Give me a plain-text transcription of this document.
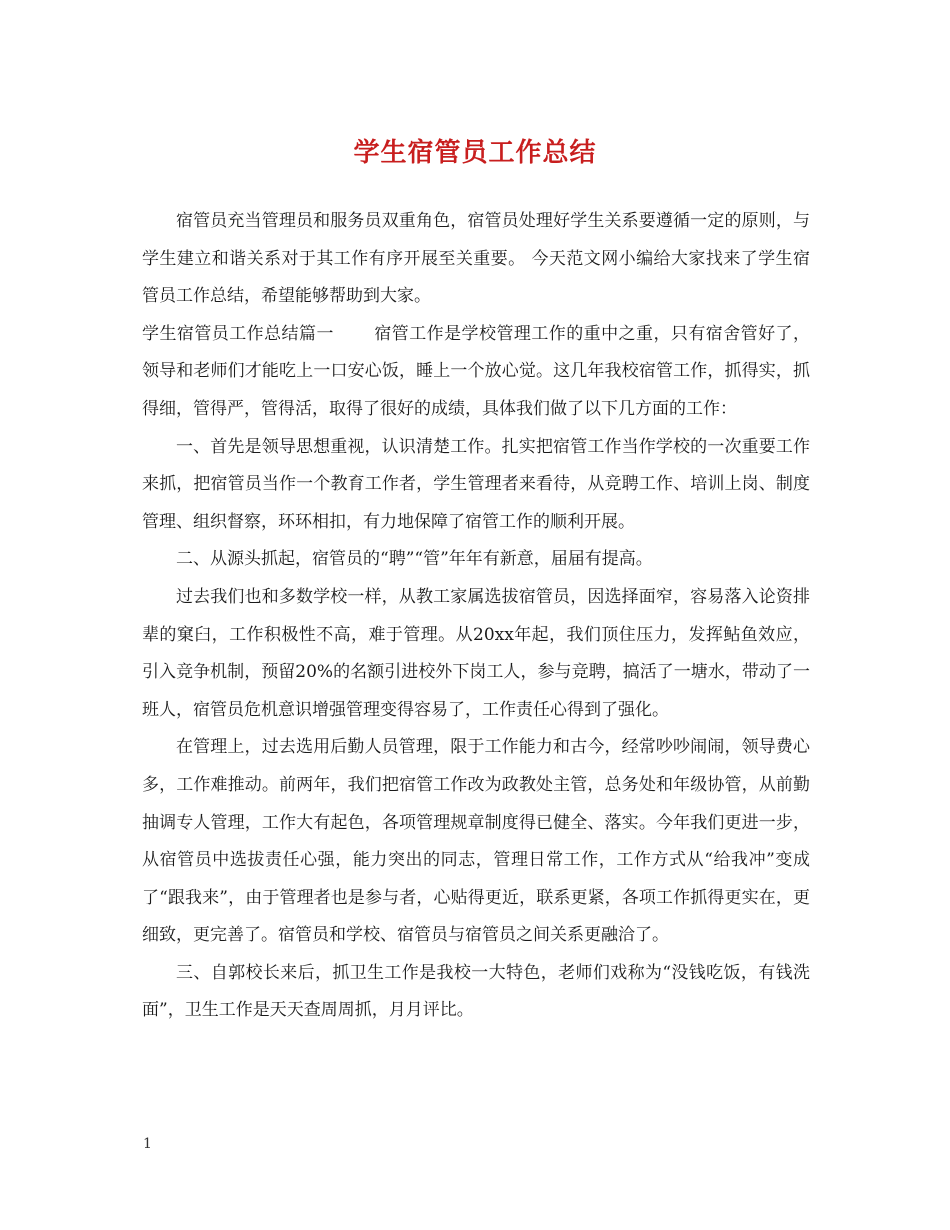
学生宿管员工作总结

宿管员充当管理员和服务员双重角色，宿管员处理好学生关系要遵循一定的原则，与学生建立和谐关系对于其工作有序开展至关重要。 今天范文网小编给大家找来了学生宿管员工作总结，希望能够帮助到大家。

学生宿管员工作总结篇一 宿管工作是学校管理工作的重中之重，只有宿舍管好了，领导和老师们才能吃上一口安心饭，睡上一个放心觉。这几年我校宿管工作，抓得实，抓得细，管得严，管得活，取得了很好的成绩，具体我们做了以下几方面的工作：

一、首先是领导思想重视，认识清楚工作。扎实把宿管工作当作学校的一次重要工作来抓，把宿管员当作一个教育工作者，学生管理者来看待，从竞聘工作、培训上岗、制度管理、组织督察，环环相扣，有力地保障了宿管工作的顺利开展。

二、从源头抓起，宿管员的“聘”“管”年年有新意，届届有提高。

过去我们也和多数学校一样，从教工家属选拔宿管员，因选择面窄，容易落入论资排辈的窠臼，工作积极性不高，难于管理。从20xx年起，我们顶住压力，发挥鲇鱼效应，引入竞争机制，预留20%的名额引进校外下岗工人，参与竞聘，搞活了一塘水，带动了一班人，宿管员危机意识增强管理变得容易了，工作责任心得到了强化。

在管理上，过去选用后勤人员管理，限于工作能力和古今，经常吵吵闹闹，领导费心多，工作难推动。前两年，我们把宿管工作改为政教处主管，总务处和年级协管，从前勤抽调专人管理，工作大有起色，各项管理规章制度得已健全、落实。今年我们更进一步，从宿管员中选拔责任心强，能力突出的同志，管理日常工作，工作方式从“给我冲”变成了“跟我来”，由于管理者也是参与者，心贴得更近，联系更紧，各项工作抓得更实在，更细致，更完善了。宿管员和学校、宿管员与宿管员之间关系更融洽了。

三、自郭校长来后，抓卫生工作是我校一大特色，老师们戏称为“没钱吃饭，有钱洗面”，卫生工作是天天查周周抓，月月评比。

1
